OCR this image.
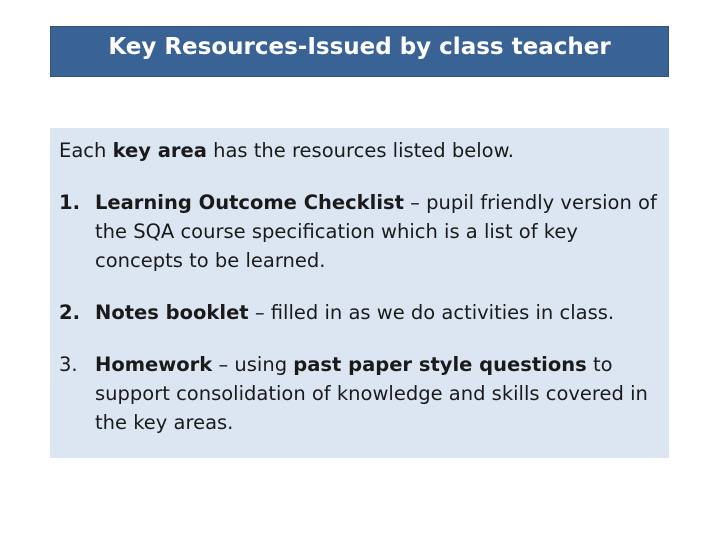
Key Resources-Issued by class teacher

Each key area has the resources listed below.

1. Learning Outcome Checklist – pupil friendly version of the SQA course specification which is a list of key concepts to be learned.

2. Notes booklet – filled in as we do activities in class.

3. Homework – using past paper style questions to support consolidation of knowledge and skills covered in the key areas.
